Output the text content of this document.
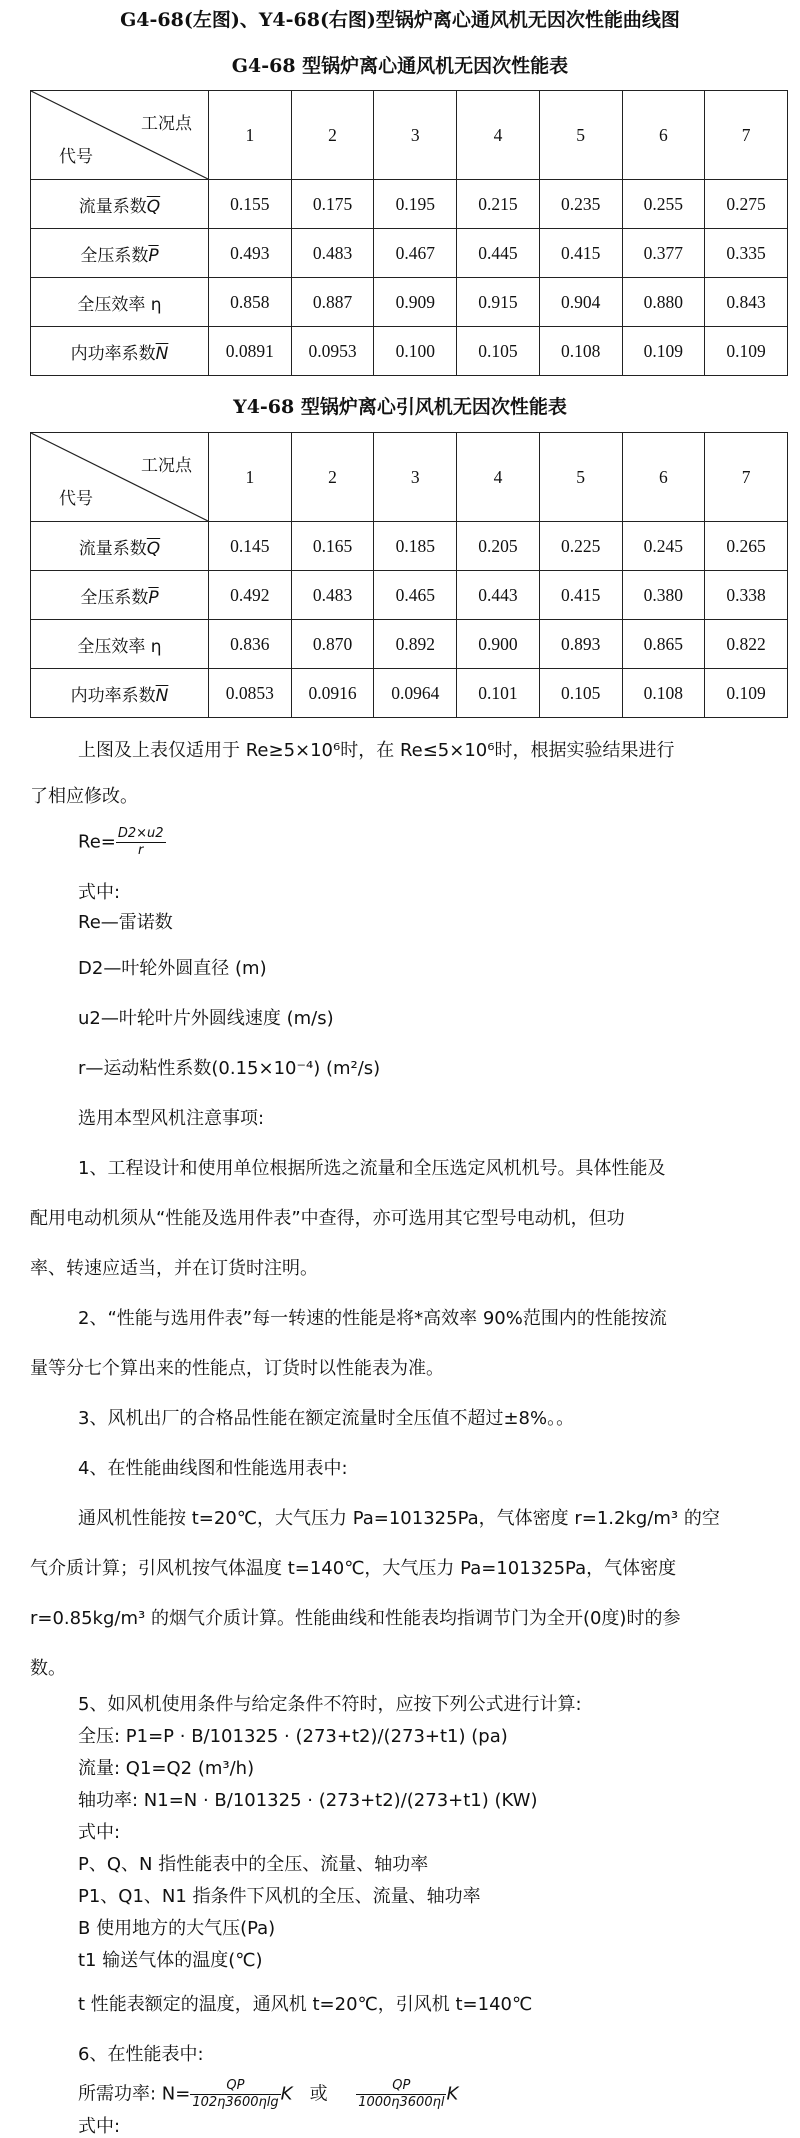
G4-68(左图)、Y4-68(右图)型锅炉离心通风机无因次性能曲线图
G4-68 型锅炉离心通风机无因次性能表
工况点
代号	1	2	3	4	5	6	7
流量系数$\overline{Q}$	0.155	0.175	0.195	0.215	0.235	0.255	0.275
全压系数$\overline{P}$	0.493	0.483	0.467	0.445	0.415	0.377	0.335
全压效率 η	0.858	0.887	0.909	0.915	0.904	0.880	0.843
内功率系数$\overline{N}$	0.0891	0.0953	0.100	0.105	0.108	0.109	0.109
Y4-68 型锅炉离心引风机无因次性能表
工况点
代号	1	2	3	4	5	6	7
流量系数$\overline{Q}$	0.145	0.165	0.185	0.205	0.225	0.245	0.265
全压系数$\overline{P}$	0.492	0.483	0.465	0.443	0.415	0.380	0.338
全压效率 η	0.836	0.870	0.892	0.900	0.893	0.865	0.822
内功率系数$\overline{N}$	0.0853	0.0916	0.0964	0.101	0.105	0.108	0.109
上图及上表仅适用于 Re≥5×10⁶时，在 Re≤5×10⁶时，根据实验结果进行
了相应修改。
$Re= \frac{D2\times u2}{r}$
式中:
Re—雷诺数
D2—叶轮外圆直径 (m)
u2—叶轮叶片外圆线速度 (m/s)
r—运动粘性系数(0.15×10⁻⁴) (m²/s)
选用本型风机注意事项:
1、工程设计和使用单位根据所选之流量和全压选定风机机号。具体性能及
配用电动机须从“性能及选用件表”中查得，亦可选用其它型号电动机，但功
率、转速应适当，并在订货时注明。
2、“性能与选用件表”每一转速的性能是将*高效率 90%范围内的性能按流
量等分七个算出来的性能点，订货时以性能表为准。
3、风机出厂的合格品性能在额定流量时全压值不超过±8%。。
4、在性能曲线图和性能选用表中:
通风机性能按 t=20℃，大气压力 Pa=101325Pa，气体密度 r=1.2kg/m³ 的空
气介质计算；引风机按气体温度 t=140℃，大气压力 Pa=101325Pa，气体密度
r=0.85kg/m³ 的烟气介质计算。性能曲线和性能表均指调节门为全开(0度)时的参
数。
5、如风机使用条件与给定条件不符时，应按下列公式进行计算:
全压: P1=P · B/101325 · (273+t2)/(273+t1) (pa)
流量: Q1=Q2 (m³/h)
轴功率: N1=N · B/101325 · (273+t2)/(273+t1) (KW)
式中:
P、Q、N 指性能表中的全压、流量、轴功率
P1、Q1、N1 指条件下风机的全压、流量、轴功率
B 使用地方的大气压(Pa)
t1 输送气体的温度(℃)
t 性能表额定的温度，通风机 t=20℃，引风机 t=140℃
6、在性能表中:
所需功率: $N= \frac{QP}{102\eta 3600\eta\lg}$ K 或 $\frac{QP}{1000\eta 3600\eta l}$ K
式中:
